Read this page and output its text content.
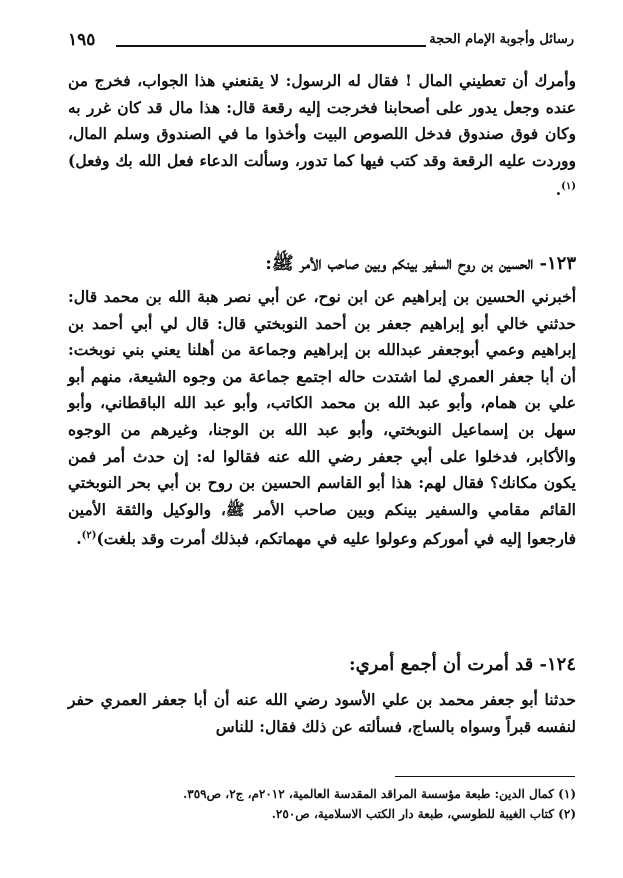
١٩٥	رسائل وأجوبة الإمام الحجة

وأمرك أن تعطيني المال ! فقال له الرسول: لا يقنعني هذا الجواب، فخرج من عنده وجعل يدور على أصحابنا فخرجت إليه رقعة قال: هذا مال قد كان غرر به وكان فوق صندوق فدخل اللصوص البيت وأخذوا ما في الصندوق وسلم المال، ووردت عليه الرقعة وقد كتب فيها كما تدور، وسألت الدعاء فعل الله بك وفعل)$^{(١)}$.

١٢٣- الحسين بن روح السفير بينكم وبين صاحب الأمر ﷺ:

أخبرني الحسين بن إبراهيم عن ابن نوح، عن أبي نصر هبة الله بن محمد قال: حدثني خالي أبو إبراهيم جعفر بن أحمد النوبختي قال: قال لي أبي أحمد بن إبراهيم وعمي أبوجعفر عبدالله بن إبراهيم وجماعة من أهلنا يعني بني نوبخت: أن أبا جعفر العمري لما اشتدت حاله اجتمع جماعة من وجوه الشيعة، منهم أبو علي بن همام، وأبو عبد الله بن محمد الكاتب، وأبو عبد الله الباقطاني، وأبو سهل بن إسماعيل النوبختي، وأبو عبد الله بن الوجنا، وغيرهم من الوجوه والأكابر، فدخلوا على أبي جعفر رضي الله عنه فقالوا له: إن حدث أمر فمن يكون مكانك؟ فقال لهم: هذا أبو القاسم الحسين بن روح بن أبي بحر النوبختي القائم مقامي والسفير بينكم وبين صاحب الأمر ﷺ، والوكيل والثقة الأمين فارجعوا إليه في أموركم وعولوا عليه في مهماتكم، فبذلك أمرت وقد بلغت)$^{(٢)}$.

١٢٤- قد أمرت أن أجمع أمري:

حدثنا أبو جعفر محمد بن علي الأسود رضي الله عنه أن أبا جعفر العمري حفر لنفسه قبراً وسواه بالساج، فسألته عن ذلك فقال: للناس

(١) كمال الدين: طبعة مؤسسة المراقد المقدسة العالمية، ٢٠١٢م، ج٢، ص٣٥٩.

(٢) كتاب الغيبة للطوسي، طبعة دار الكتب الاسلامية، ص٢٥٠.
